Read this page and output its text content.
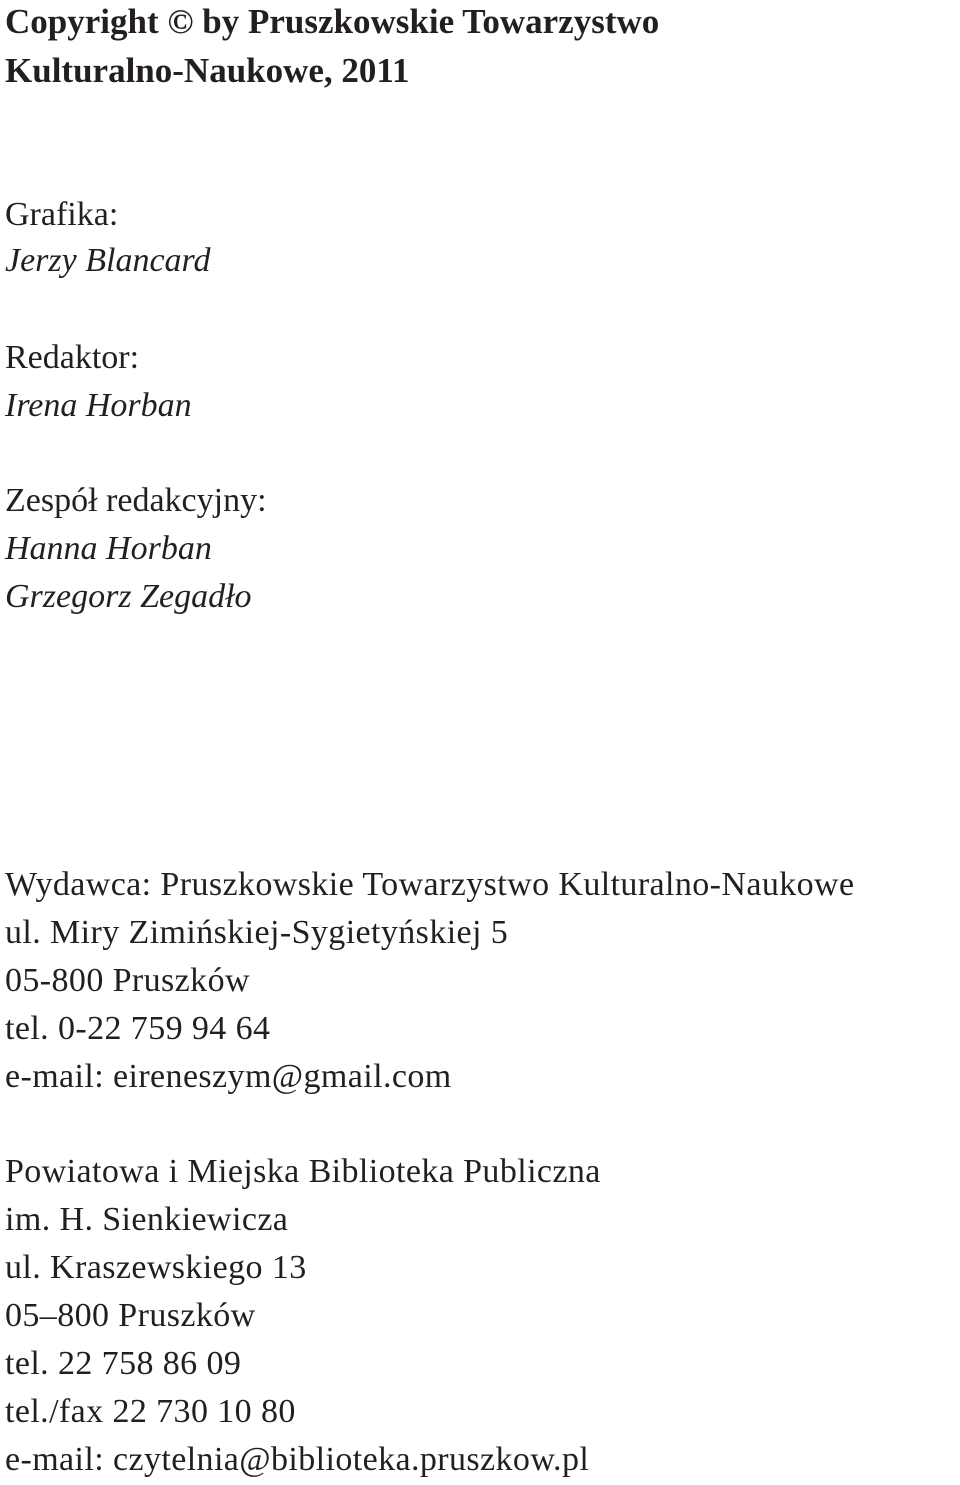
Copyright © by Pruszkowskie Towarzystwo
Kulturalno-Naukowe, 2011
Grafika:
Jerzy Blancard
Redaktor:
Irena Horban
Zespół redakcyjny:
Hanna Horban
Grzegorz Zegadło
Wydawca: Pruszkowskie Towarzystwo Kulturalno-Naukowe
ul. Miry Zimińskiej-Sygietyńskiej 5
05-800 Pruszków
tel. 0-22 759 94 64
e-mail: eireneszym@gmail.com
Powiatowa i Miejska Biblioteka Publiczna
im. H. Sienkiewicza
ul. Kraszewskiego 13
05–800 Pruszków
tel. 22 758 86 09
tel./fax 22 730 10 80
e-mail: czytelnia@biblioteka.pruszkow.pl
